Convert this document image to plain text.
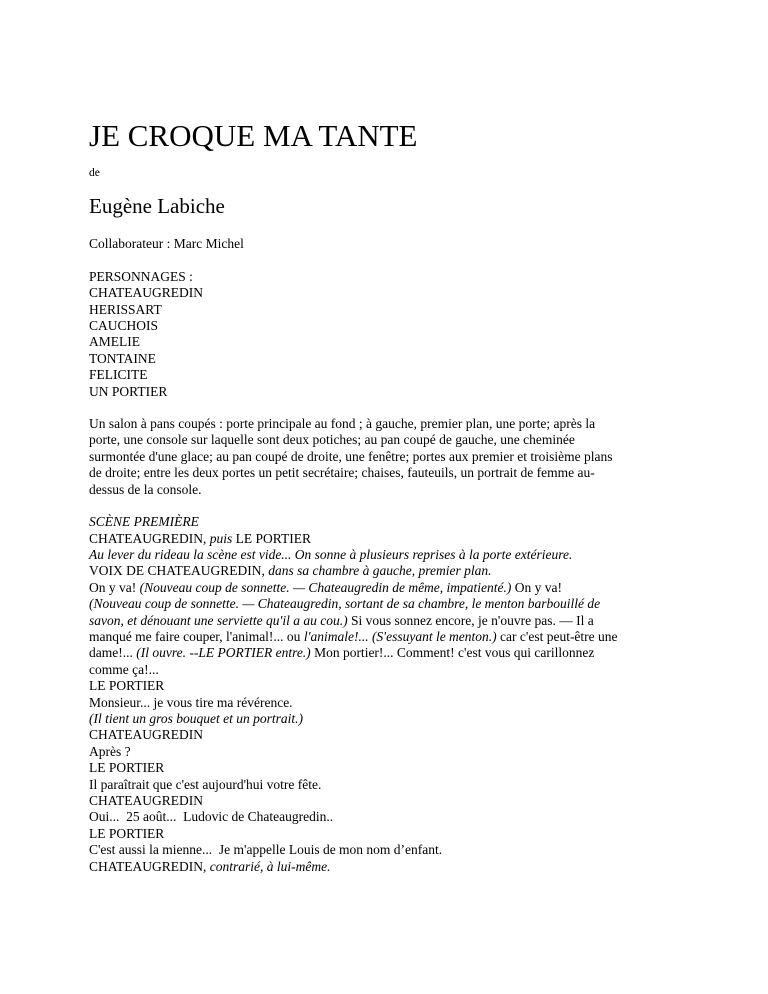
JE CROQUE MA TANTE
de
Eugène Labiche
Collaborateur : Marc Michel
PERSONNAGES :
CHATEAUGREDIN
HERISSART
CAUCHOIS
AMELIE
TONTAINE
FELICITE
UN PORTIER
Un salon à pans coupés : porte principale au fond ; à gauche, premier plan, une porte; après la
porte, une console sur laquelle sont deux potiches; au pan coupé de gauche, une cheminée
surmontée d'une glace; au pan coupé de droite, une fenêtre; portes aux premier et troisième plans
de droite; entre les deux portes un petit secrétaire; chaises, fauteuils, un portrait de femme au-
dessus de la console.
SCÈNE PREMIÈRE
CHATEAUGREDIN, puis LE PORTIER
Au lever du rideau la scène est vide... On sonne à plusieurs reprises à la porte extérieure.
VOIX DE CHATEAUGREDIN, dans sa chambre à gauche, premier plan.
On y va! (Nouveau coup de sonnette. — Chateaugredin de même, impatienté.) On y va!
(Nouveau coup de sonnette. — Chateaugredin, sortant de sa chambre, le menton barbouillé de
savon, et dénouant une serviette qu'il a au cou.) Si vous sonnez encore, je n'ouvre pas. — Il a
manqué me faire couper, l'animal!... ou l'animale!... (S'essuyant le menton.) car c'est peut-être une
dame!... (Il ouvre. --LE PORTIER entre.) Mon portier!... Comment! c'est vous qui carillonnez
comme ça!...
LE PORTIER
Monsieur... je vous tire ma révérence.
(Il tient un gros bouquet et un portrait.)
CHATEAUGREDIN
Après ?
LE PORTIER
Il paraîtrait que c'est aujourd'hui votre fête.
CHATEAUGREDIN
Oui...  25 août...  Ludovic de Chateaugredin..
LE PORTIER
C'est aussi la mienne...  Je m'appelle Louis de mon nom d’enfant.
CHATEAUGREDIN, contrarié, à lui-même.
